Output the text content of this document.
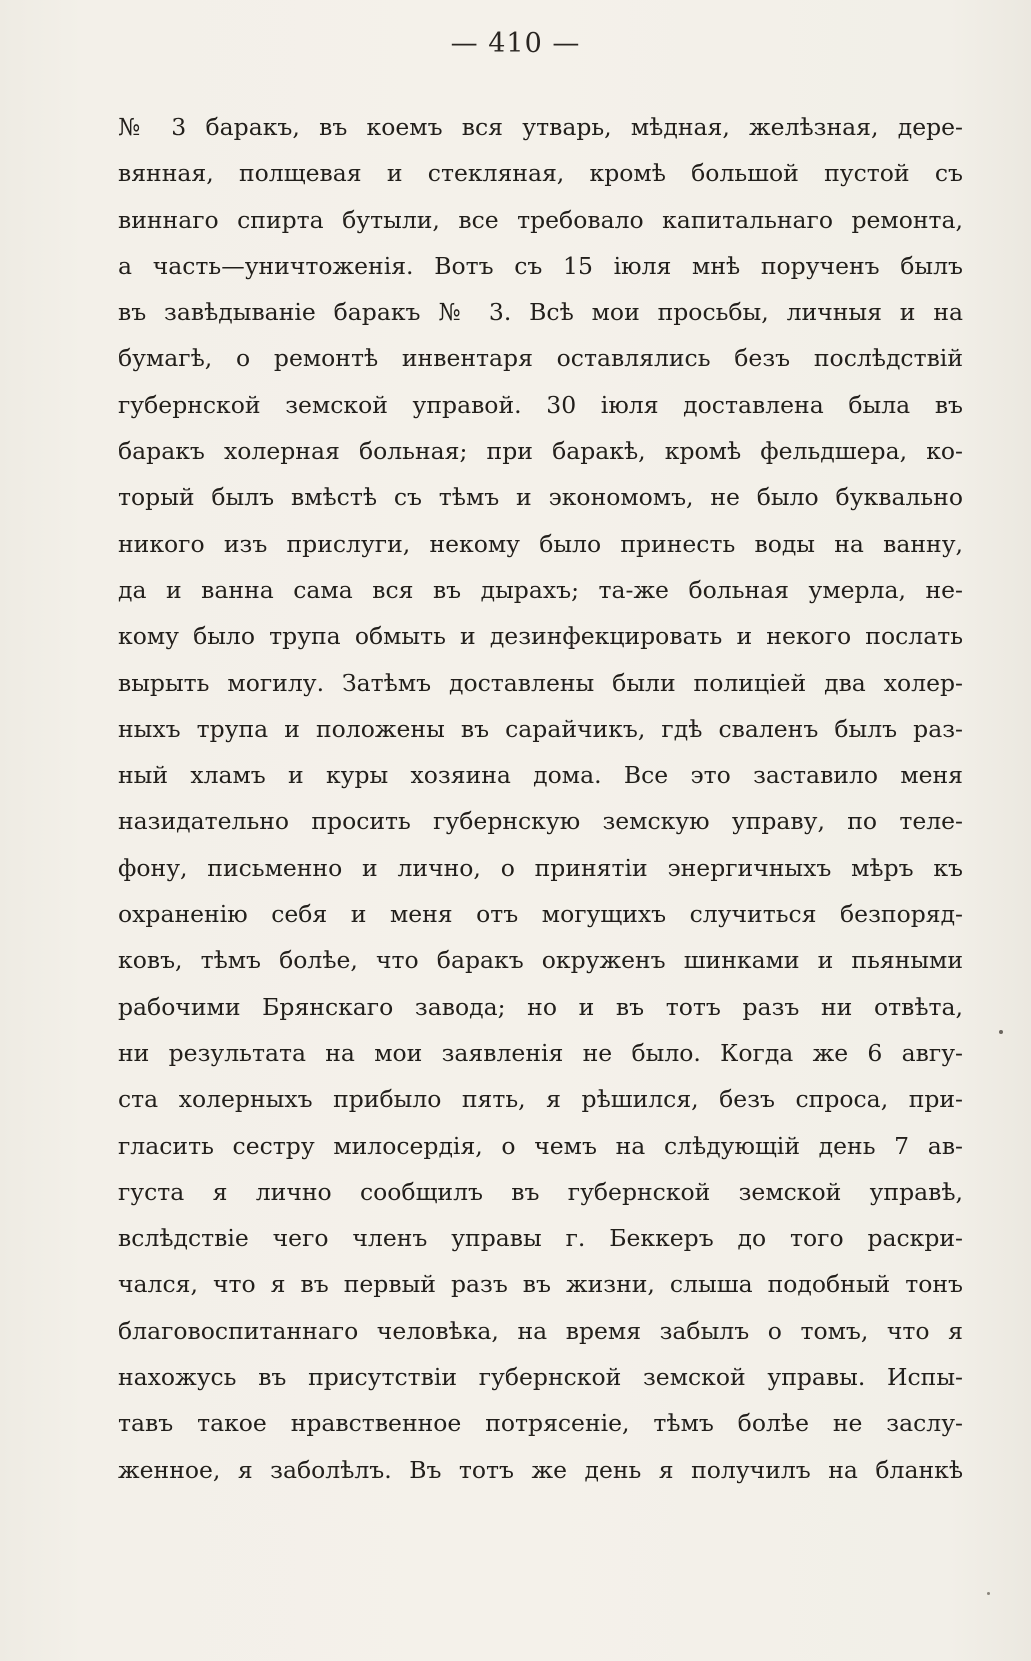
— 410 —
№ 3 баракъ, въ коемъ вся утварь, мѣдная, желѣзная, дере-
вянная, полщевая и стекляная, кромѣ большой пустой съ
виннаго спирта бутыли, все требовало капитальнаго ремонта,
а часть—уничтоженія. Вотъ съ 15 іюля мнѣ порученъ былъ
въ завѣдываніе баракъ № 3. Всѣ мои просьбы, личныя и на
бумагѣ, о ремонтѣ инвентаря оставлялись безъ послѣдствій
губернской земской управой. 30 іюля доставлена была въ
баракъ холерная больная; при баракѣ, кромѣ фельдшера, ко-
торый былъ вмѣстѣ съ тѣмъ и экономомъ, не было буквально
никого изъ прислуги, некому было принесть воды на ванну,
да и ванна сама вся въ дырахъ; та-же больная умерла, не-
кому было трупа обмыть и дезинфекцировать и некого послать
вырыть могилу. Затѣмъ доставлены были полиціей два холер-
ныхъ трупа и положены въ сарайчикъ, гдѣ сваленъ былъ раз-
ный хламъ и куры хозяина дома. Все это заставило меня
назидательно просить губернскую земскую управу, по теле-
фону, письменно и лично, о принятіи энергичныхъ мѣръ къ
охраненію себя и меня отъ могущихъ случиться безпоряд-
ковъ, тѣмъ болѣе, что баракъ окруженъ шинками и пьяными
рабочими Брянскаго завода; но и въ тотъ разъ ни отвѣта,
ни результата на мои заявленія не было. Когда же 6 авгу-
ста холерныхъ прибыло пять, я рѣшился, безъ спроса, при-
гласить сестру милосердія, о чемъ на слѣдующій день 7 ав-
густа я лично сообщилъ въ губернской земской управѣ,
вслѣдствіе чего членъ управы г. Беккеръ до того раскри-
чался, что я въ первый разъ въ жизни, слыша подобный тонъ
благовоспитаннаго человѣка, на время забылъ о томъ, что я
нахожусь въ присутствіи губернской земской управы. Испы-
тавъ такое нравственное потрясеніе, тѣмъ болѣе не заслу-
женное, я заболѣлъ. Въ тотъ же день я получилъ на бланкѣ
